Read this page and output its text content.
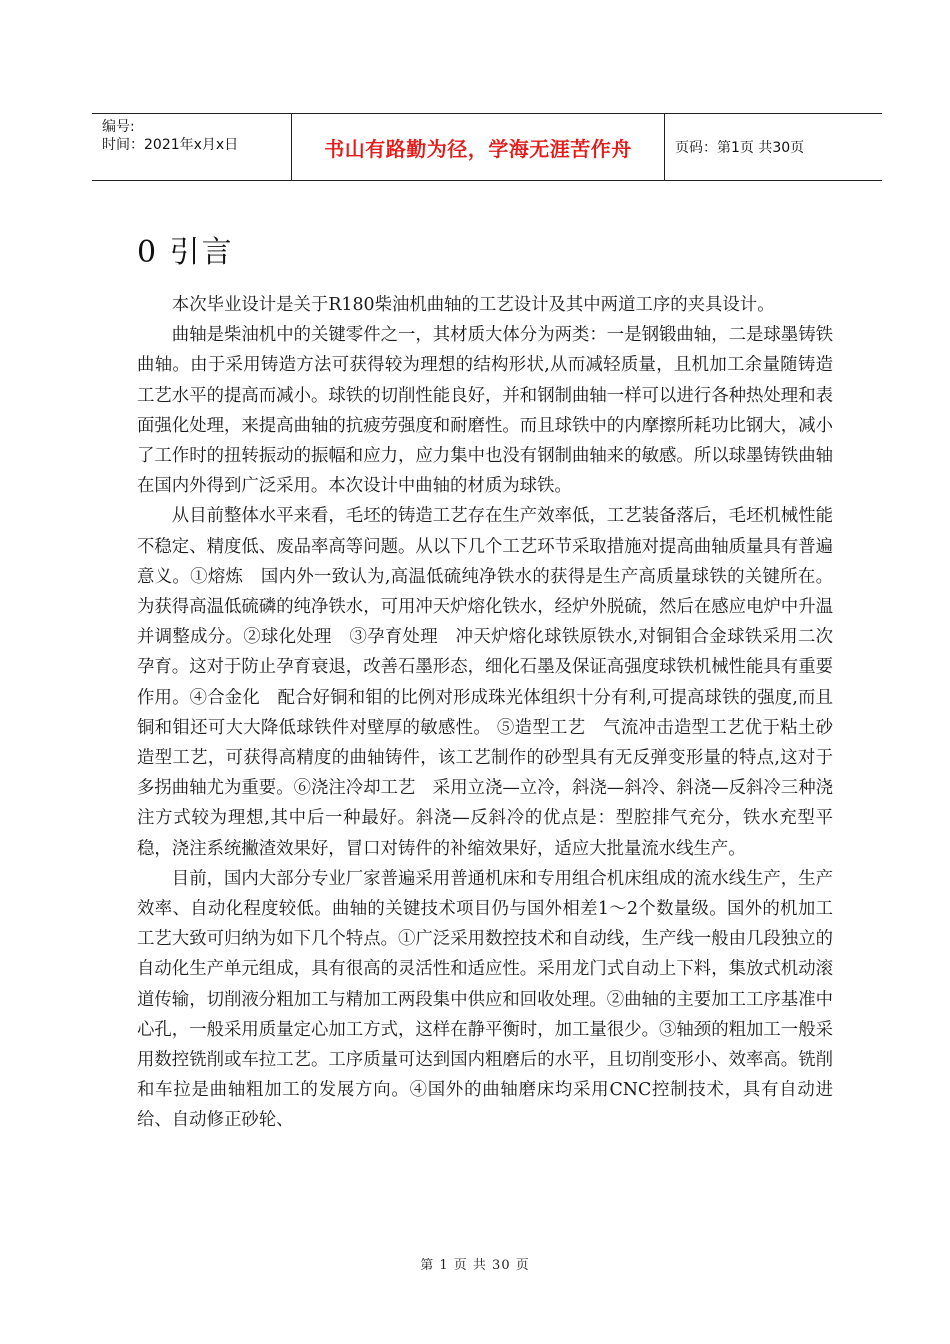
编号:
时间：2021年x月x日	书山有路勤为径，学海无涯苦作舟	页码：第1页 共30页
0 引言

本次毕业设计是关于R180柴油机曲轴的工艺设计及其中两道工序的夹具设计。

曲轴是柴油机中的关键零件之一，其材质大体分为两类：一是钢锻曲轴，二是球墨铸铁曲轴。由于采用铸造方法可获得较为理想的结构形状,从而减轻质量，且机加工余量随铸造工艺水平的提高而减小。球铁的切削性能良好，并和钢制曲轴一样可以进行各种热处理和表面强化处理，来提高曲轴的抗疲劳强度和耐磨性。而且球铁中的内摩擦所耗功比钢大，减小了工作时的扭转振动的振幅和应力，应力集中也没有钢制曲轴来的敏感。所以球墨铸铁曲轴在国内外得到广泛采用。本次设计中曲轴的材质为球铁。

从目前整体水平来看，毛坯的铸造工艺存在生产效率低，工艺装备落后，毛坯机械性能不稳定、精度低、废品率高等问题。从以下几个工艺环节采取措施对提高曲轴质量具有普遍意义。①熔炼　国内外一致认为,高温低硫纯净铁水的获得是生产高质量球铁的关键所在。为获得高温低硫磷的纯净铁水，可用冲天炉熔化铁水，经炉外脱硫，然后在感应电炉中升温并调整成分。②球化处理　③孕育处理　冲天炉熔化球铁原铁水,对铜钼合金球铁采用二次孕育。这对于防止孕育衰退，改善石墨形态，细化石墨及保证高强度球铁机械性能具有重要作用。④合金化　配合好铜和钼的比例对形成珠光体组织十分有利,可提高球铁的强度,而且铜和钼还可大大降低球铁件对壁厚的敏感性。 ⑤造型工艺　气流冲击造型工艺优于粘土砂造型工艺，可获得高精度的曲轴铸件，该工艺制作的砂型具有无反弹变形量的特点,这对于多拐曲轴尤为重要。⑥浇注冷却工艺　采用立浇—立冷，斜浇—斜冷、斜浇—反斜冷三种浇注方式较为理想,其中后一种最好。斜浇—反斜冷的优点是：型腔排气充分，铁水充型平稳，浇注系统撇渣效果好，冒口对铸件的补缩效果好，适应大批量流水线生产。

目前，国内大部分专业厂家普遍采用普通机床和专用组合机床组成的流水线生产，生产效率、自动化程度较低。曲轴的关键技术项目仍与国外相差1～2个数量级。国外的机加工工艺大致可归纳为如下几个特点。①广泛采用数控技术和自动线，生产线一般由几段独立的自动化生产单元组成，具有很高的灵活性和适应性。采用龙门式自动上下料，集放式机动滚道传输，切削液分粗加工与精加工两段集中供应和回收处理。②曲轴的主要加工工序基准中心孔，一般采用质量定心加工方式，这样在静平衡时，加工量很少。③轴颈的粗加工一般采用数控铣削或车拉工艺。工序质量可达到国内粗磨后的水平，且切削变形小、效率高。铣削和车拉是曲轴粗加工的发展方向。④国外的曲轴磨床均采用CNC控制技术，具有自动进给、自动修正砂轮、

第 1 页 共 30 页
